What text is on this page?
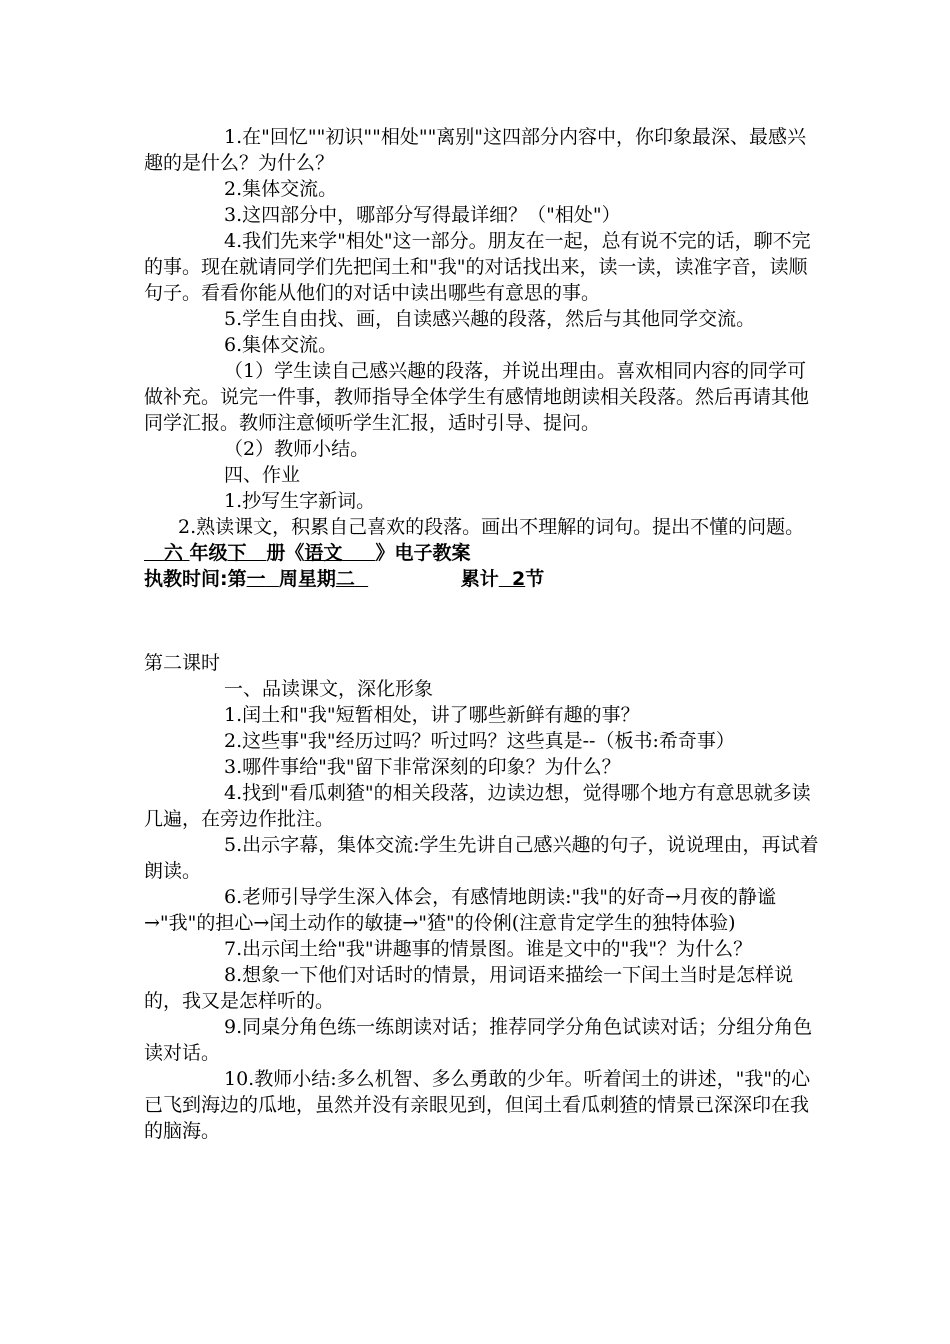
1.在"回忆""初识""相处""离别"这四部分内容中，你印象最深、最感兴趣的是什么？为什么？

2.集体交流。

3.这四部分中，哪部分写得最详细？（"相处"）

4.我们先来学"相处"这一部分。朋友在一起，总有说不完的话，聊不完的事。现在就请同学们先把闰土和"我"的对话找出来，读一读，读准字音，读顺句子。看看你能从他们的对话中读出哪些有意思的事。

5.学生自由找、画，自读感兴趣的段落，然后与其他同学交流。

6.集体交流。

（1）学生读自己感兴趣的段落，并说出理由。喜欢相同内容的同学可做补充。说完一件事，教师指导全体学生有感情地朗读相关段落。然后再请其他同学汇报。教师注意倾听学生汇报，适时引导、提问。

（2）教师小结。

四、作业

1.抄写生字新词。

2.熟读课文，积累自己喜欢的段落。画出不理解的词句。提出不懂的问题。

六 年级下 册《语文 》电子教案
执教时间:第一 周星期二	累计 2节

第二课时

一、品读课文，深化形象

1.闰土和"我"短暂相处，讲了哪些新鲜有趣的事？

2.这些事"我"经历过吗？听过吗？这些真是--（板书:希奇事）

3.哪件事给"我"留下非常深刻的印象？为什么？

4.找到"看瓜刺猹"的相关段落，边读边想，觉得哪个地方有意思就多读几遍，在旁边作批注。

5.出示字幕，集体交流:学生先讲自己感兴趣的句子，说说理由，再试着朗读。

6.老师引导学生深入体会，有感情地朗读:"我"的好奇→月夜的静谧→"我"的担心→闰土动作的敏捷→"猹"的伶俐(注意肯定学生的独特体验)

7.出示闰土给"我"讲趣事的情景图。谁是文中的"我"？为什么？

8.想象一下他们对话时的情景，用词语来描绘一下闰土当时是怎样说的，我又是怎样听的。

9.同桌分角色练一练朗读对话；推荐同学分角色试读对话；分组分角色读对话。

10.教师小结:多么机智、多么勇敢的少年。听着闰土的讲述，"我"的心已飞到海边的瓜地，虽然并没有亲眼见到，但闰土看瓜刺猹的情景已深深印在我的脑海。
